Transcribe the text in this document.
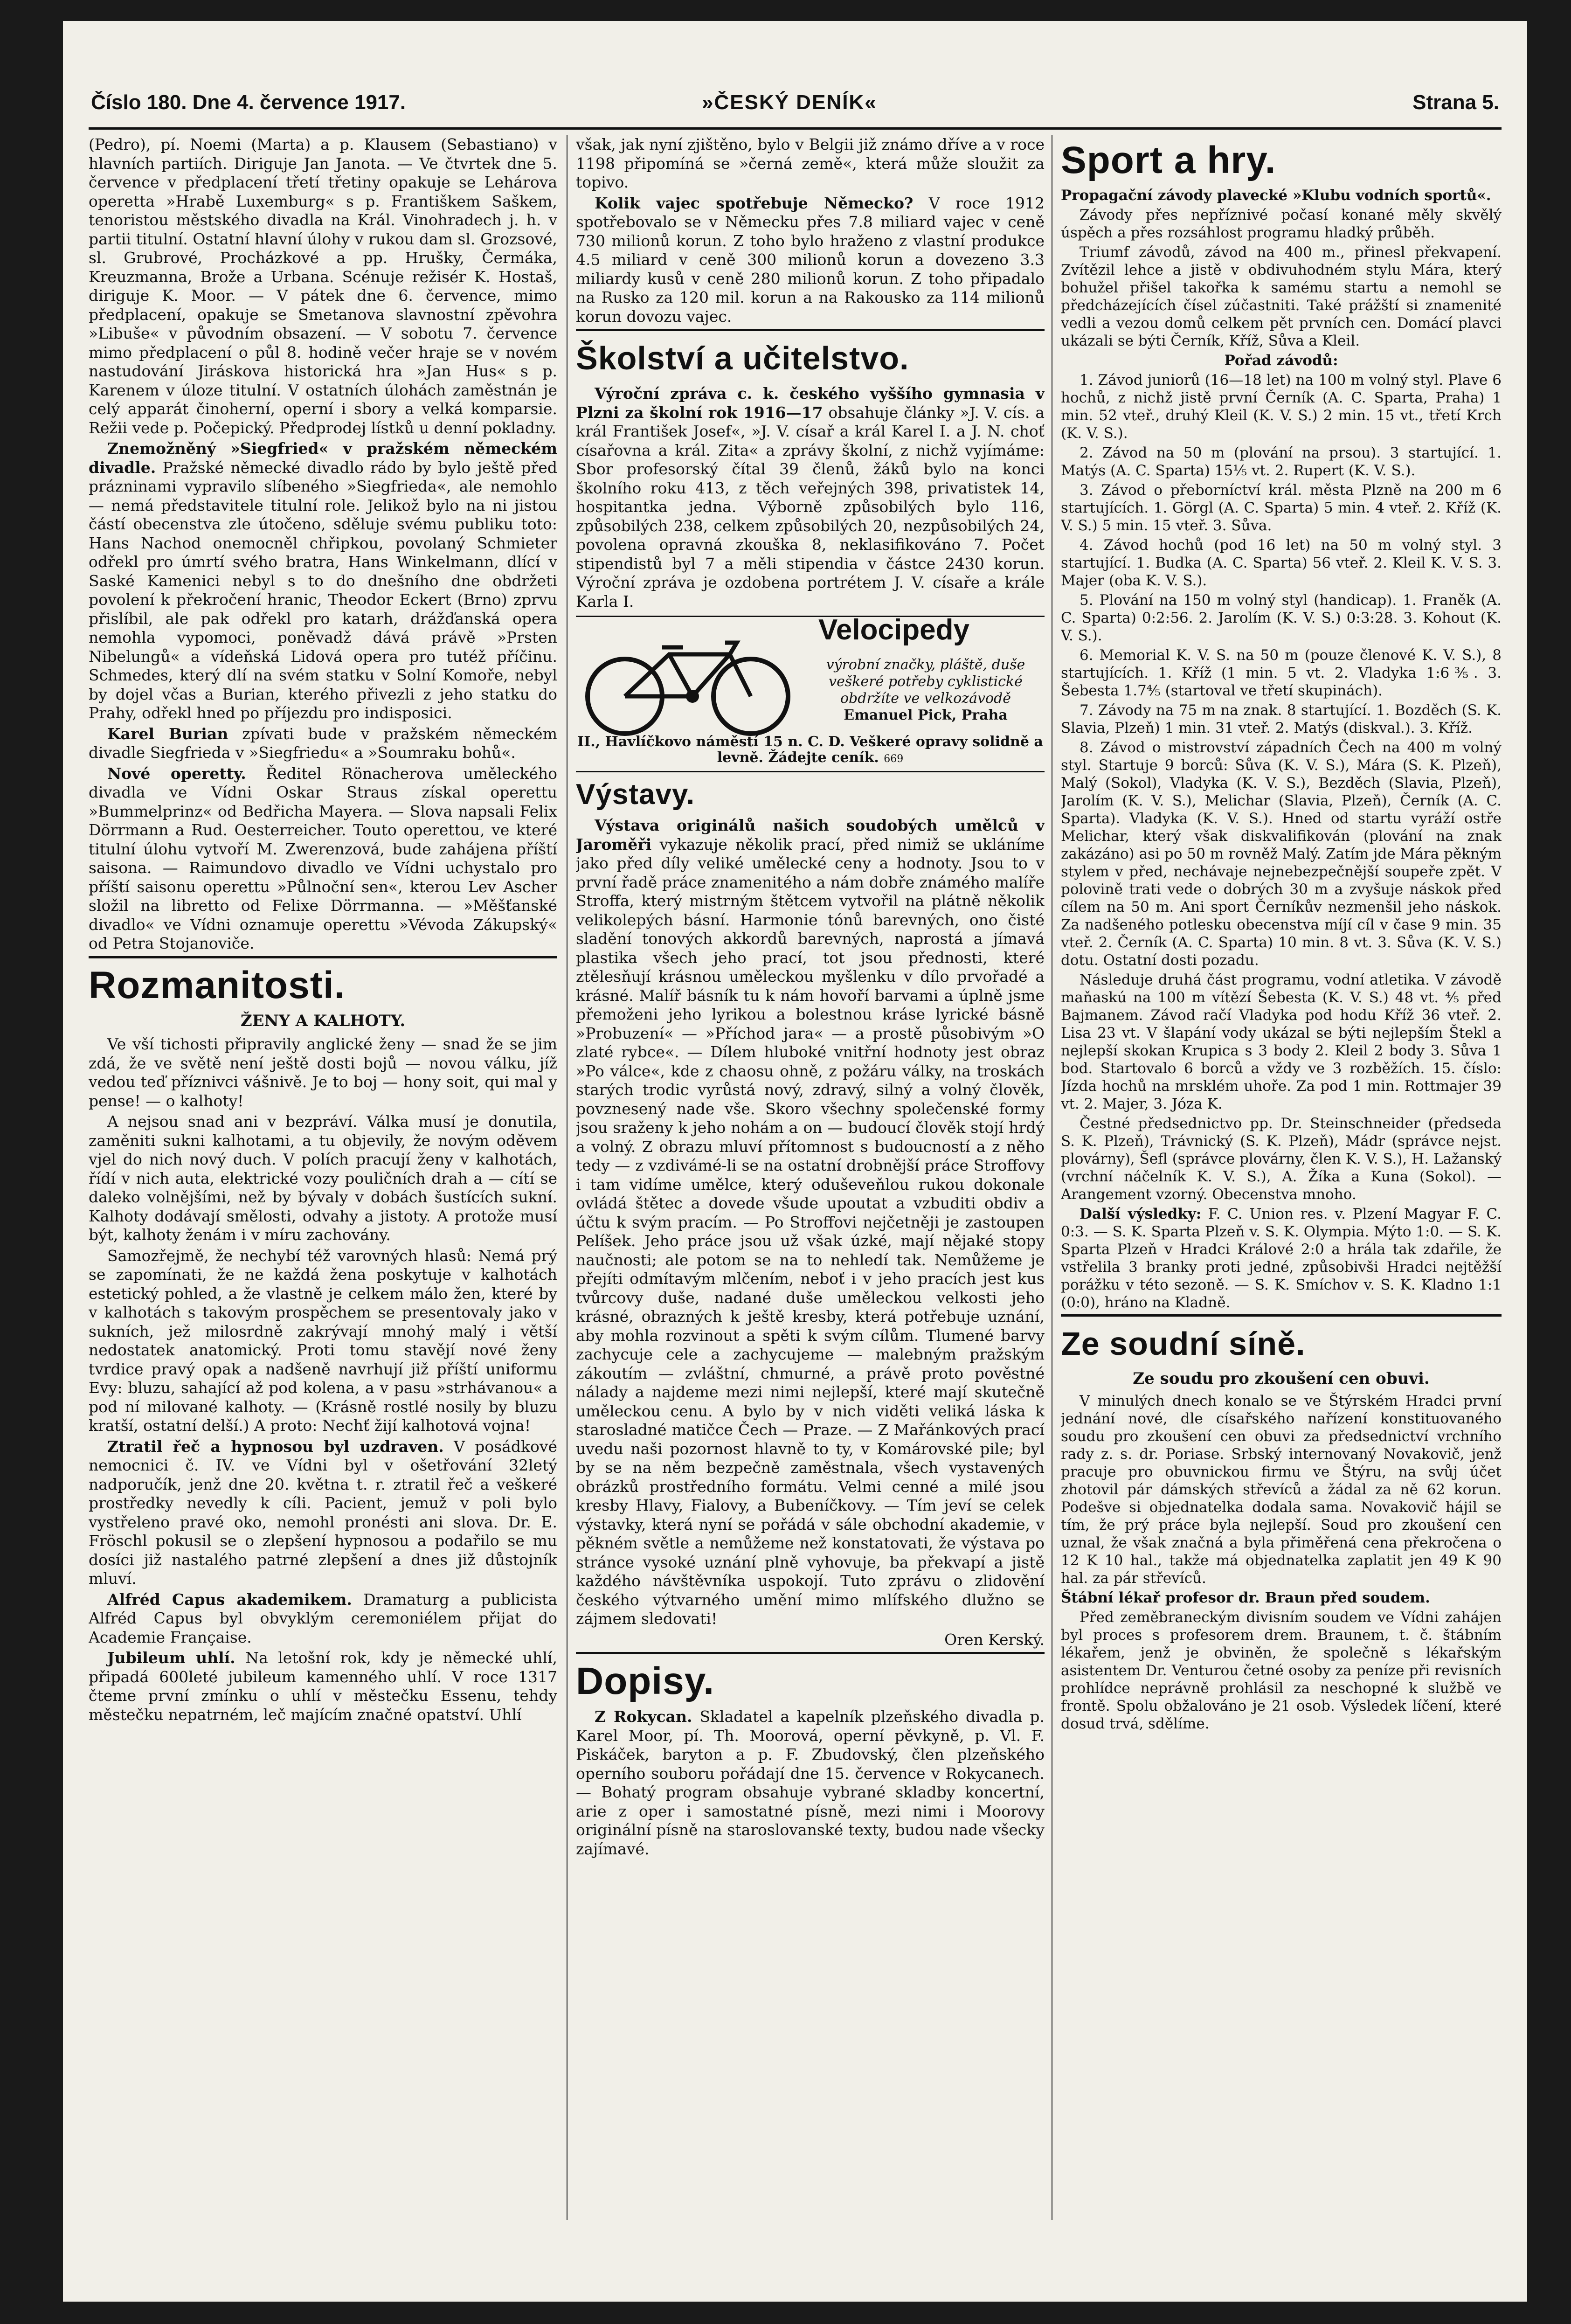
Číslo 180. Dne 4. července 1917.	»ČESKÝ DENÍK«	Strana 5.

(Pedro), pí. Noemi (Marta) a p. Klausem (Sebastiano) v hlavních partiích. Diriguje Jan Janota. — Ve čtvrtek dne 5. července v předplacení třetí třetiny opakuje se Lehárova operetta »Hrabě Luxemburg« s p. Františkem Saškem, tenoristou městského divadla na Král. Vinohradech j. h. v partii titulní. Ostatní hlavní úlohy v rukou dam sl. Grozsové, sl. Grubrové, Procházkové a pp. Hrušky, Čermáka, Kreuzmanna, Brože a Urbana. Scénuje režisér K. Hostaš, diriguje K. Moor. — V pátek dne 6. července, mimo předplacení, opakuje se Smetanova slavnostní zpěvohra »Libuše« v původním obsazení. — V sobotu 7. července mimo předplacení o půl 8. hodině večer hraje se v novém nastudování Jiráskova historická hra »Jan Hus« s p. Karenem v úloze titulní. V ostatních úlohách zaměstnán je celý apparát činoherní, operní i sbory a velká komparsie. Režii vede p. Počepický. Předprodej lístků u denní pokladny.

Znemožněný »Siegfried« v pražském německém divadle. Pražské německé divadlo rádo by bylo ještě před prázninami vypravilo slíbeného »Siegfrieda«, ale nemohlo — nemá představitele titulní role. Jelikož bylo na ni jistou částí obecenstva zle útočeno, sděluje svému publiku toto: Hans Nachod onemocněl chřipkou, povolaný Schmieter odřekl pro úmrtí svého bratra, Hans Winkelmann, dlící v Saské Kamenici nebyl s to do dnešního dne obdržeti povolení k překročení hranic, Theodor Eckert (Brno) zprvu přislíbil, ale pak odřekl pro katarh, drážďanská opera nemohla vypomoci, poněvadž dává právě »Prsten Nibelungů« a vídeňská Lidová opera pro tutéž příčinu. Schmedes, který dlí na svém statku v Solní Komoře, nebyl by dojel včas a Burian, kterého přivezli z jeho statku do Prahy, odřekl hned po příjezdu pro indisposici.

Karel Burian zpívati bude v pražském německém divadle Siegfrieda v »Siegfriedu« a »Soumraku bohů«.

Nové operetty. Ředitel Rönacherova uměleckého divadla ve Vídni Oskar Straus získal operettu »Bummelprinz« od Bedřicha Mayera. — Slova napsali Felix Dörrmann a Rud. Oesterreicher. Touto operettou, ve které titulní úlohu vytvoří M. Zwerenzová, bude zahájena příští saisona. — Raimundovo divadlo ve Vídni uchystalo pro příští saisonu operettu »Půlnoční sen«, kterou Lev Ascher složil na libretto od Felixe Dörrmanna. — »Měšťanské divadlo« ve Vídni oznamuje operettu »Vévoda Zákupský« od Petra Stojanoviče.

Rozmanitosti.
ŽENY A KALHOTY.

Ve vší tichosti připravily anglické ženy — snad že se jim zdá, že ve světě není ještě dosti bojů — novou válku, jíž vedou teď příznivci vášnivě. Je to boj — hony soit, qui mal y pense! — o kalhoty!

A nejsou snad ani v bezpráví. Válka musí je donutila, zaměniti sukni kalhotami, a tu objevily, že novým oděvem vjel do nich nový duch. V polích pracují ženy v kalhotách, řídí v nich auta, elektrické vozy pouličních drah a — cítí se daleko volnějšími, než by bývaly v dobách šustících sukní. Kalhoty dodávají smělosti, odvahy a jistoty. A protože musí být, kalhoty ženám i v míru zachovány.

Samozřejmě, že nechybí též varovných hlasů: Nemá prý se zapomínati, že ne každá žena poskytuje v kalhotách estetický pohled, a že vlastně je celkem málo žen, které by v kalhotách s takovým prospěchem se presentovaly jako v sukních, jež milosrdně zakrývají mnohý malý i větší nedostatek anatomický. Proti tomu stavějí nové ženy tvrdice pravý opak a nadšeně navrhují již příští uniformu Evy: bluzu, sahající až pod kolena, a v pasu »strhávanou« a pod ní milované kalhoty. — (Krásně rostlé nosily by bluzu kratší, ostatní delší.) A proto: Nechť žijí kalhotová vojna!

Ztratil řeč a hypnosou byl uzdraven. V posádkové nemocnici č. IV. ve Vídni byl v ošetřování 32letý nadporučík, jenž dne 20. května t. r. ztratil řeč a veškeré prostředky nevedly k cíli. Pacient, jemuž v poli bylo vystřeleno pravé oko, nemohl pronésti ani slova. Dr. E. Fröschl pokusil se o zlepšení hypnosou a podařilo se mu dosíci již nastalého patrné zlepšení a dnes již důstojník mluví.

Alfréd Capus akademikem. Dramaturg a publicista Alfréd Capus byl obvyklým ceremoniélem přijat do Academie Française.

Jubileum uhlí. Na letošní rok, kdy je německé uhlí, připadá 600leté jubileum kamenného uhlí. V roce 1317 čteme první zmínku o uhlí v městečku Essenu, tehdy městečku nepatrném, leč majícím značné opatství. Uhlí

však, jak nyní zjištěno, bylo v Belgii již známo dříve a v roce 1198 připomíná se »černá země«, která může sloužit za topivo.

Kolik vajec spotřebuje Německo? V roce 1912 spotřebovalo se v Německu přes 7.8 miliard vajec v ceně 730 milionů korun. Z toho bylo hraženo z vlastní produkce 4.5 miliard v ceně 300 milionů korun a dovezeno 3.3 miliardy kusů v ceně 280 milionů korun. Z toho připadalo na Rusko za 120 mil. korun a na Rakousko za 114 milionů korun dovozu vajec.

Školství a učitelstvo.

Výroční zpráva c. k. českého vyššího gymnasia v Plzni za školní rok 1916—17 obsahuje články »J. V. cís. a král František Josef«, »J. V. císař a král Karel I. a J. N. choť císařovna a král. Zita« a zprávy školní, z nichž vyjímáme: Sbor profesorský čítal 39 členů, žáků bylo na konci školního roku 413, z těch veřejných 398, privatistek 14, hospitantka jedna. Výborně způsobilých bylo 116, způsobilých 238, celkem způsobilých 20, nezpůsobilých 24, povolena opravná zkouška 8, neklasifikováno 7. Počet stipendistů byl 7 a měli stipendia v částce 2430 korun. Výroční zpráva je ozdobena portrétem J. V. císaře a krále Karla I.

Velocipedy
výrobní značky, pláště, duše veškeré potřeby cyklistické obdržíte ve velkozávodě
Emanuel Pick, Praha
II., Havlíčkovo náměstí 15 n. C. D. Veškeré opravy solidně a levně. Žádejte ceník. 669
Výstavy.

Výstava originálů našich soudobých umělců v Jaroměři vykazuje několik prací, před nimiž se ukláníme jako před díly veliké umělecké ceny a hodnoty. Jsou to v první řadě práce znamenitého a nám dobře známého malíře Stroffa, který mistrným štětcem vytvořil na plátně několik velikolepých básní. Harmonie tónů barevných, ono čisté sladění tonových akkordů barevných, naprostá a jímavá plastika všech jeho prací, tot jsou přednosti, které ztělesňují krásnou uměleckou myšlenku v dílo prvořadé a krásné. Malíř básník tu k nám hovoří barvami a úplně jsme přemoženi jeho lyrikou a bolestnou kráse lyrické básně »Probuzení« — »Příchod jara« — a prostě působivým »O zlaté rybce«. — Dílem hluboké vnitřní hodnoty jest obraz »Po válce«, kde z chaosu ohně, z požáru války, na troskách starých trodic vyrůstá nový, zdravý, silný a volný člověk, povznesený nade vše. Skoro všechny společenské formy jsou sraženy k jeho nohám a on — budoucí člověk stojí hrdý a volný. Z obrazu mluví přítomnost s budoucností a z něho tedy — z vzdivámé-li se na ostatní drobnější práce Stroffovy i tam vidíme umělce, který oduševeňlou rukou dokonale ovládá štětec a dovede všude upoutat a vzbuditi obdiv a účtu k svým pracím. — Po Stroffovi nejčetněji je zastoupen Pelíšek. Jeho práce jsou už však úzké, mají nějaké stopy naučnosti; ale potom se na to nehledí tak. Nemůžeme je přejíti odmítavým mlčením, neboť i v jeho pracích jest kus tvůrcovy duše, nadané duše uměleckou velkosti jeho krásné, obrazných k ještě kresby, která potřebuje uznání, aby mohla rozvinout a spěti k svým cílům. Tlumené barvy zachycuje cele a zachycujeme — malebným pražským zákoutím — zvláštní, chmurné, a právě proto pověstné nálady a najdeme mezi nimi nejlepší, které mají skutečně uměleckou cenu. A bylo by v nich viděti veliká láska k starosladné matičce Čech — Praze. — Z Mařánkových prací uvedu naši pozornost hlavně to ty, v Komárovské pile; byl by se na něm bezpečně zaměstnala, všech vystavených obrázků prostředního formátu. Velmi cenné a milé jsou kresby Hlavy, Fialovy, a Bubeníčkovy. — Tím jeví se celek výstavky, která nyní se pořádá v sále obchodní akademie, v pěkném světle a nemůžeme než konstatovati, že výstava po stránce vysoké uznání plně vyhovuje, ba překvapí a jistě každého návštěvníka uspokojí. Tuto zprávu o zlidovění českého výtvarného umění mimo mlífského dlužno se zájmem sledovati!

Oren Kerský.

Dopisy.

Z Rokycan. Skladatel a kapelník plzeňského divadla p. Karel Moor, pí. Th. Moorová, operní pěvkyně, p. Vl. F. Piskáček, baryton a p. F. Zbudovský, člen plzeňského operního souboru pořádají dne 15. července v Rokycanech. — Bohatý program obsahuje vybrané skladby koncertní, arie z oper i samostatné písně, mezi nimi i Moorovy originální písně na staroslovanské texty, budou nade všecky zajímavé.

Sport a hry.

Propagační závody plavecké »Klubu vodních sportů«.

Závody přes nepříznivé počasí konané měly skvělý úspěch a přes rozsáhlost programu hladký průběh.

Triumf závodů, závod na 400 m., přinesl překvapení. Zvítězil lehce a jistě v obdivuhodném stylu Mára, který bohužel přišel takořka k samému startu a nemohl se předcházejících čísel zúčastniti. Také prážští si znamenité vedli a vezou domů celkem pět prvních cen. Domácí plavci ukázali se býti Černík, Kříž, Sůva a Kleil.

Pořad závodů:

1. Závod juniorů (16—18 let) na 100 m volný styl. Plave 6 hochů, z nichž jistě první Černík (A. C. Sparta, Praha) 1 min. 52 vteř., druhý Kleil (K. V. S.) 2 min. 15 vt., třetí Krch (K. V. S.).

2. Závod na 50 m (plování na prsou). 3 startující. 1. Matýs (A. C. Sparta) 15⅕ vt. 2. Rupert (K. V. S.).

3. Závod o přeborníctví král. města Plzně na 200 m 6 startujících. 1. Görgl (A. C. Sparta) 5 min. 4 vteř. 2. Kříž (K. V. S.) 5 min. 15 vteř. 3. Sůva.

4. Závod hochů (pod 16 let) na 50 m volný styl. 3 startující. 1. Budka (A. C. Sparta) 56 vteř. 2. Kleil K. V. S. 3. Majer (oba K. V. S.).

5. Plování na 150 m volný styl (handicap). 1. Franěk (A. C. Sparta) 0:2:56. 2. Jarolím (K. V. S.) 0:3:28. 3. Kohout (K. V. S.).

6. Memorial K. V. S. na 50 m (pouze členové K. V. S.), 8 startujících. 1. Kříž (1 min. 5 vt. 2. Vladyka 1:6⅗. 3. Šebesta 1.7⅘ (startoval ve třetí skupinách).

7. Závody na 75 m na znak. 8 startující. 1. Bozděch (S. K. Slavia, Plzeň) 1 min. 31 vteř. 2. Matýs (diskval.). 3. Kříž.

8. Závod o mistrovství západních Čech na 400 m volný styl. Startuje 9 borců: Sůva (K. V. S.), Mára (S. K. Plzeň), Malý (Sokol), Vladyka (K. V. S.), Bezděch (Slavia, Plzeň), Jarolím (K. V. S.), Melichar (Slavia, Plzeň), Černík (A. C. Sparta). Vladyka (K. V. S.). Hned od startu vyráží ostře Melichar, který však diskvalifikován (plování na znak zakázáno) asi po 50 m rovněž Malý. Zatím jde Mára pěkným stylem v před, nechávaje nejnebezpečnější soupeře zpět. V polovině trati vede o dobrých 30 m a zvyšuje náskok před cílem na 50 m. Ani sport Černíkův nezmenšil jeho náskok. Za nadšeného potlesku obecenstva míjí cíl v čase 9 min. 35 vteř. 2. Černík (A. C. Sparta) 10 min. 8 vt. 3. Sůva (K. V. S.) dotu. Ostatní dosti pozadu.

Následuje druhá část programu, vodní atletika. V závodě maňaskú na 100 m vítězí Šebesta (K. V. S.) 48 vt. ⅘ před Bajmanem. Závod račí Vladyka pod hodu Kříž 36 vteř. 2. Lisa 23 vt. V šlapání vody ukázal se býti nejlepším Štekl a nejlepší skokan Krupica s 3 body 2. Kleil 2 body 3. Sůva 1 bod. Startovalo 6 borců a vždy ve 3 rozběžích. 15. číslo: Jízda hochů na mrsklém uhoře. Za pod 1 min. Rottmajer 39 vt. 2. Majer, 3. Józa K.

Čestné předsednictvo pp. Dr. Steinschneider (předseda S. K. Plzeň), Trávnický (S. K. Plzeň), Mádr (správce nejst. plovárny), Šefl (správce plovárny, člen K. V. S.), H. Lažanský (vrchní náčelník K. V. S.), A. Žíka a Kuna (Sokol). — Arangement vzorný. Obecenstva mnoho.

Další výsledky: F. C. Union res. v. Plzení Magyar F. C. 0:3. — S. K. Sparta Plzeň v. S. K. Olympia. Mýto 1:0. — S. K. Sparta Plzeň v Hradci Králové 2:0 a hrála tak zdařile, že vstřelila 3 branky proti jedné, způsobivši Hradci nejtěžší porážku v této sezoně. — S. K. Smíchov v. S. K. Kladno 1:1 (0:0), hráno na Kladně.

Ze soudní síně.
Ze soudu pro zkoušení cen obuvi.

V minulých dnech konalo se ve Štýrském Hradci první jednání nové, dle císařského nařízení konstituovaného soudu pro zkoušení cen obuvi za předsednictví vrchního rady z. s. dr. Poriase. Srbský internovaný Novakovič, jenž pracuje pro obuvnickou firmu ve Štýru, na svůj účet zhotovil pár dámských střevíců a žádal za ně 62 korun. Podešve si objednatelka dodala sama. Novakovič hájil se tím, že prý práce byla nejlepší. Soud pro zkoušení cen uznal, že však značná a byla přiměřená cena překročena o 12 K 10 hal., takže má objednatelka zaplatit jen 49 K 90 hal. za pár střevíců.

Štábní lékař profesor dr. Braun před soudem.

Před zeměbraneckým divisním soudem ve Vídni zahájen byl proces s profesorem drem. Braunem, t. č. štábním lékařem, jenž je obviněn, že společně s lékařským asistentem Dr. Venturou četné osoby za peníze při revisních prohlídce neprávně prohlásil za neschopné k službě ve frontě. Spolu obžalováno je 21 osob. Výsledek líčení, které dosud trvá, sdělíme.
